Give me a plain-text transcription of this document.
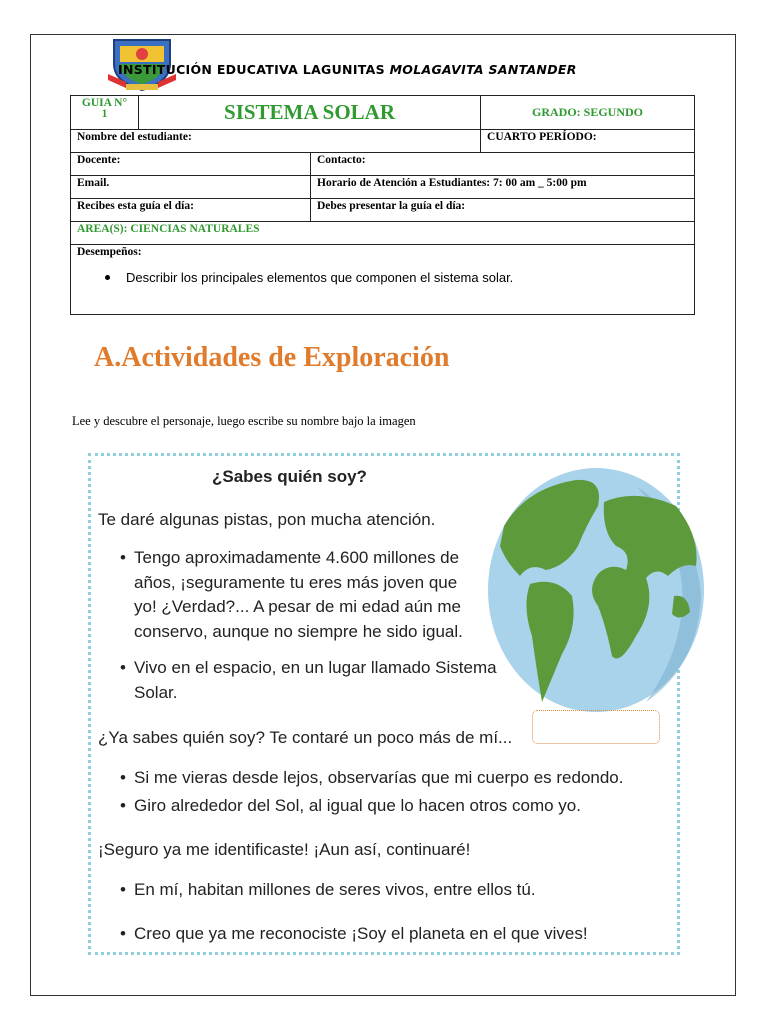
INSTITUCIÓN EDUCATIVA LAGUNITAS MOLAGAVITA SANTANDER
GUIA N°
1	SISTEMA SOLAR		GRADO: SEGUNDO
Nombre del estudiante:			CUARTO PERÍODO:
Docente:		Contacto:	
Email.		Horario de Atención a Estudiantes: 7: 00 am _ 5:00 pm	
Recibes esta guía el día:		Debes presentar la guía el día:	
AREA(S): CIENCIAS NATURALES			

Desempeños:
Describir los principales elementos que componen el sistema solar.			
A.Actividades de Exploración
Lee y descubre el personaje, luego escribe su nombre bajo la imagen
¿Sabes quién soy?
Te daré algunas pistas, pon mucha atención.
• Tengo aproximadamente 4.600 millones de
años, ¡seguramente tu eres más joven que
yo! ¿Verdad?... A pesar de mi edad aún me
conservo, aunque no siempre he sido igual.
• Vivo en el espacio, en un lugar llamado Sistema
Solar.
¿Ya sabes quién soy? Te contaré un poco más de mí...
• Si me vieras desde lejos, observarías que mi cuerpo es redondo.
• Giro alrededor del Sol, al igual que lo hacen otros como yo.
¡Seguro ya me identificaste! ¡Aun así, continuaré!
• En mí, habitan millones de seres vivos, entre ellos tú.
• Creo que ya me reconociste ¡Soy el planeta en el que vives!
